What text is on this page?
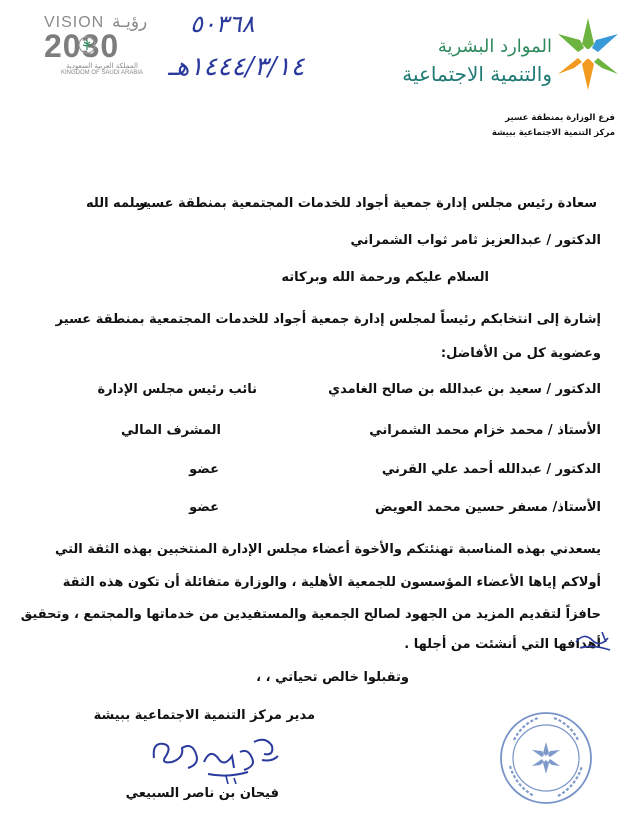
VISION رؤيـة
2030
المملكة العربية السعودية
KINGDOM OF SAUDI ARABIA
٥٠٣٦٨
١٤٤٤/٣/١٤هـ
الموارد البشرية
والتنمية الاجتماعية
فرع الوزارة بمنطقة عسير
مركز التنمية الاجتماعية ببيشة
سعادة رئيس مجلس إدارة جمعية أجواد للخدمات المجتمعية بمنطقة عسير
سلمه الله
الدكتور / عبدالعزيز ثامر ثواب الشمراني
السلام عليكم ورحمة الله وبركاته
إشارة إلى انتخابكم رئيساً لمجلس إدارة جمعية أجواد للخدمات المجتمعية بمنطقة عسير
وعضوية كل من الأفاضل:
الدكتور / سعيد بن عبدالله بن صالح الغامدي
نائب رئيس مجلس الإدارة
الأستاذ / محمد خزام محمد الشمراني
المشرف المالي
الدكتور / عبدالله أحمد علي القرني
عضو
الأستاذ/ مسفر حسين محمد العويض
عضو
يسعدني بهذه المناسبة تهنئتكم والأخوة أعضاء مجلس الإدارة المنتخبين بهذه الثقة التي
أولاكم إياها الأعضاء المؤسسون للجمعية الأهلية ، والوزارة متفائلة أن تكون هذه الثقة
حافزاً لتقديم المزيد من الجهود لصالح الجمعية والمستفيدين من خدماتها والمجتمع ، وتحقيق
أهدافها التي أنشئت من أجلها .
وتقبلوا خالص تحياتي ، ،
مدير مركز التنمية الاجتماعية ببيشة
فيحان بن ناصر السبيعي
